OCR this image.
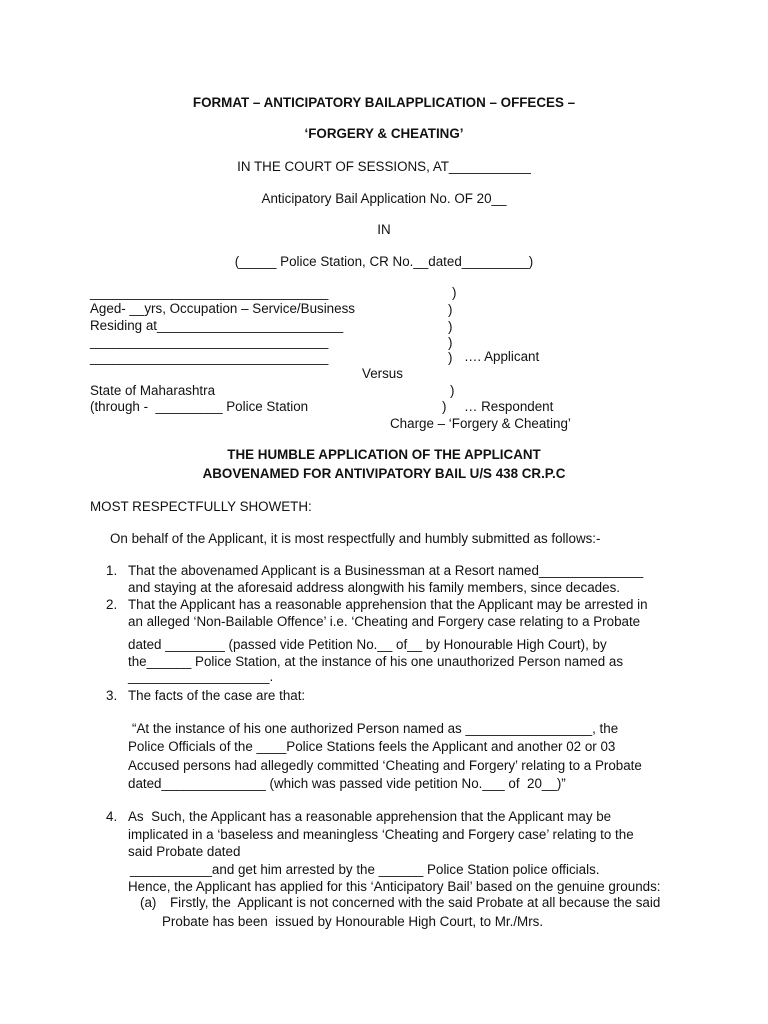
FORMAT – ANTICIPATORY BAILAPPLICATION – OFFECES –
‘FORGERY & CHEATING’
IN THE COURT OF SESSIONS, AT___________
Anticipatory Bail Application No. OF 20__
IN
(_____ Police Station, CR No.__dated_________)
________________________________	)
Aged- __yrs, Occupation – Service/Business	)
Residing at_________________________	)
________________________________	)
________________________________	) …. Applicant
Versus
State of Maharashtra	)
(through -  _________ Police Station	) … Respondent
Charge – ‘Forgery & Cheating’
THE HUMBLE APPLICATION OF THE APPLICANT
ABOVENAMED FOR ANTIVIPATORY BAIL U/S 438 CR.P.C
MOST RESPECTFULLY SHOWETH:
On behalf of the Applicant, it is most respectfully and humbly submitted as follows:-
1. That the abovenamed Applicant is a Businessman at a Resort named______________
and staying at the aforesaid address alongwith his family members, since decades.
2. That the Applicant has a reasonable apprehension that the Applicant may be arrested in
an alleged ‘Non-Bailable Offence’ i.e. ‘Cheating and Forgery case relating to a Probate
dated ________ (passed vide Petition No.__ of__ by Honourable High Court), by
the______ Police Station, at the instance of his one unauthorized Person named as
___________________.
3. The facts of the case are that:
“At the instance of his one authorized Person named as _________________, the
Police Officials of the ____Police Stations feels the Applicant and another 02 or 03
Accused persons had allegedly committed ‘Cheating and Forgery’ relating to a Probate
dated______________ (which was passed vide petition No.___ of  20__)”
4. As  Such, the Applicant has a reasonable apprehension that the Applicant may be
implicated in a ‘baseless and meaningless ‘Cheating and Forgery case’ relating to the
said Probate dated
___________and get him arrested by the ______ Police Station police officials.
Hence, the Applicant has applied for this ‘Anticipatory Bail’ based on the genuine grounds:
(a) Firstly, the  Applicant is not concerned with the said Probate at all because the said
Probate has been  issued by Honourable High Court, to Mr./Mrs.
